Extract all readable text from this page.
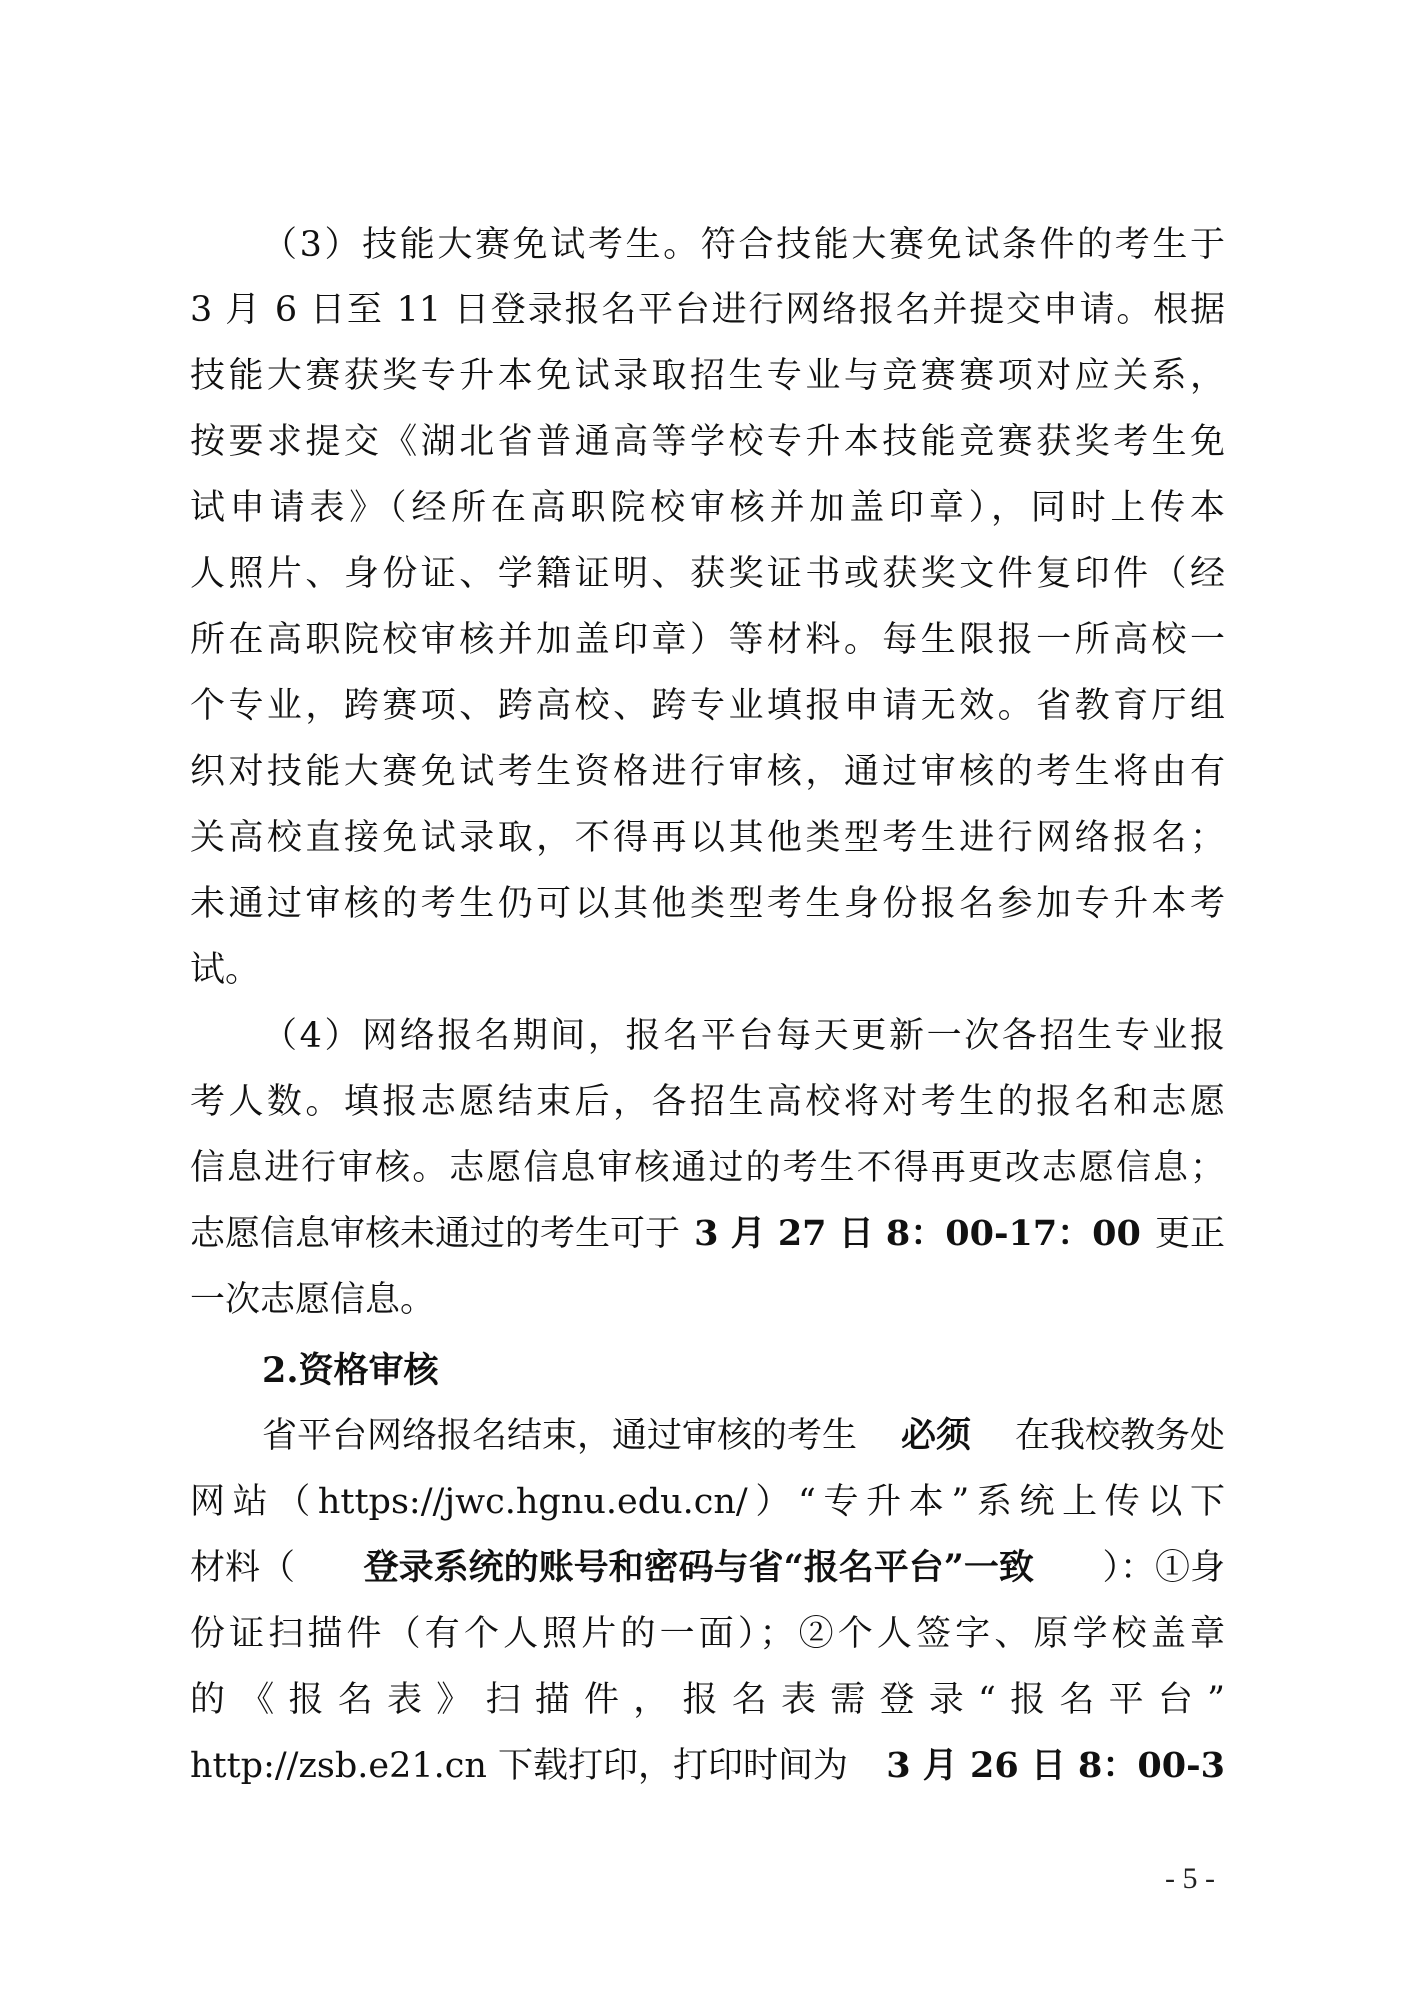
（3）技能大赛免试考生。符合技能大赛免试条件的考生于
3 月 6 日至 11 日登录报名平台进行网络报名并提交申请。根据
技能大赛获奖专升本免试录取招生专业与竞赛赛项对应关系，
按要求提交《湖北省普通高等学校专升本技能竞赛获奖考生免
试申请表》（经所在高职院校审核并加盖印章），同时上传本
人照片、身份证、学籍证明、获奖证书或获奖文件复印件（经
所在高职院校审核并加盖印章）等材料。每生限报一所高校一
个专业，跨赛项、跨高校、跨专业填报申请无效。省教育厅组
织对技能大赛免试考生资格进行审核，通过审核的考生将由有
关高校直接免试录取，不得再以其他类型考生进行网络报名；
未通过审核的考生仍可以其他类型考生身份报名参加专升本考
试。
（4）网络报名期间，报名平台每天更新一次各招生专业报
考人数。填报志愿结束后，各招生高校将对考生的报名和志愿
信息进行审核。志愿信息审核通过的考生不得再更改志愿信息；
志愿信息审核未通过的考生可于 3 月 27 日 8：00-17：00 更正
一次志愿信息。
2.资格审核
省平台网络报名结束，通过审核的考生 必须 在我校教务处
网站（https://jwc.hgnu.edu.cn/）“专升本”系统上传以下
材料（ 登录系统的账号和密码与省“报名平台”一致 ）：①身
份证扫描件（有个人照片的一面）；②个人签字、原学校盖章
的《报名表》扫描件，报名表需登录“报名平台”
http://zsb.e21.cn 下载打印，打印时间为 3 月 26 日 8：00-3
- 5 -
